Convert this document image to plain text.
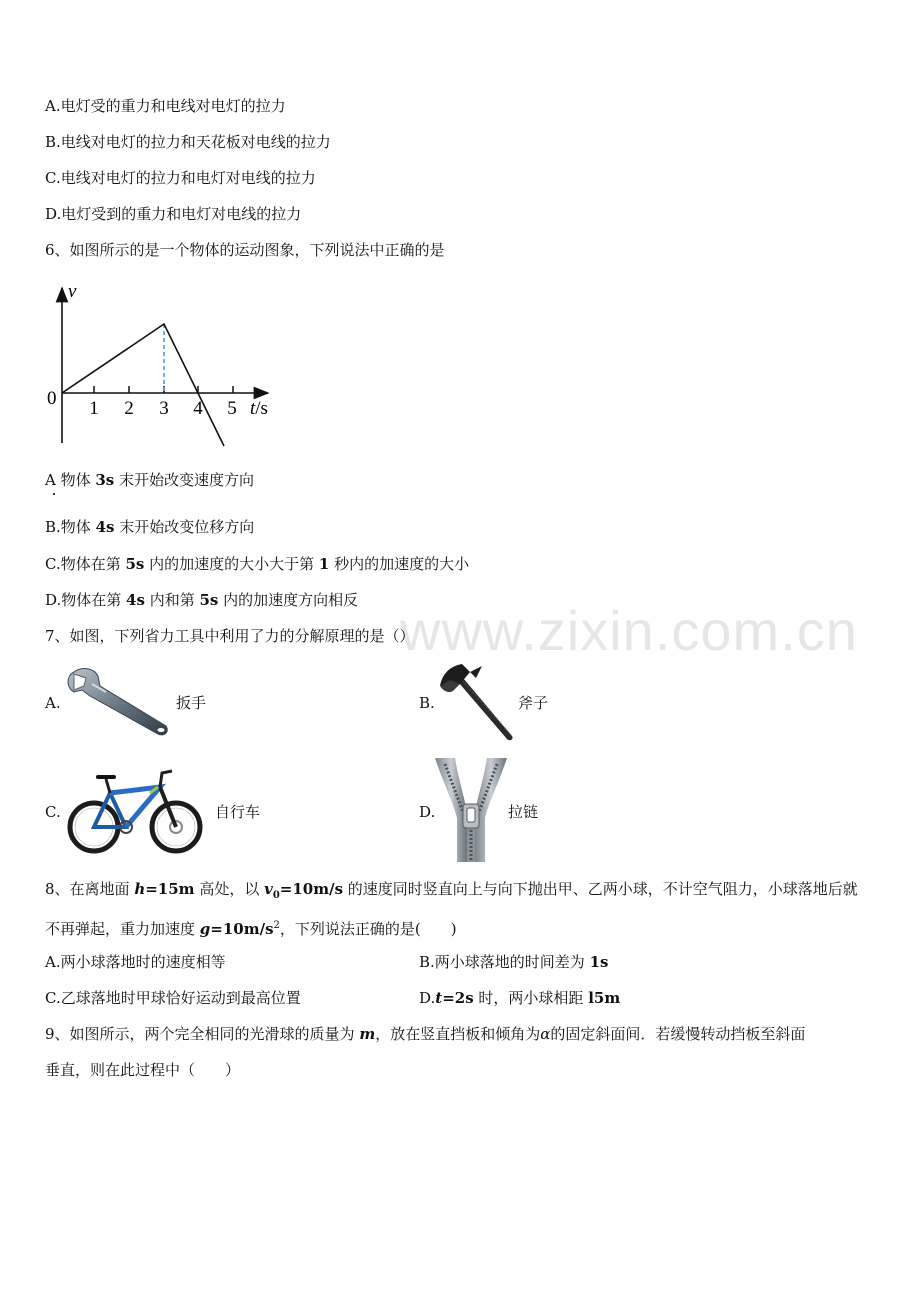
www.zixin.com.cn
A.电灯受的重力和电线对电灯的拉力
B.电线对电灯的拉力和天花板对电线的拉力
C.电线对电灯的拉力和电灯对电线的拉力
D.电灯受到的重力和电灯对电线的拉力
6、如图所示的是一个物体的运动图象，下列说法中正确的是
v
0 1 2 3 4 5 t/s
A 物体 3s 末开始改变速度方向
B.物体 4s 末开始改变位移方向
C.物体在第 5s 内的加速度的大小大于第 1 秒内的加速度的大小
D.物体在第 4s 内和第 5s 内的加速度方向相反
7、如图，下列省力工具中利用了力的分解原理的是（）
A.	扳手	B.	斧子
C.	自行车	D.	拉链
8、在离地面 h=15m 高处，以 $v_0=10m/s$ 的速度同时竖直向上与向下抛出甲、乙两小球，不计空气阻力，小球落地后就
不再弹起，重力加速度 $g=10m/s^2$，下列说法正确的是(　　)
A.两小球落地时的速度相等	B.两小球落地的时间差为 1s
C.乙球落地时甲球恰好运动到最高位置	D.t=2s 时，两小球相距 l5m
9、如图所示，两个完全相同的光滑球的质量为 m，放在竖直挡板和倾角为α的固定斜面间．若缓慢转动挡板至斜面
垂直，则在此过程中（　　）
